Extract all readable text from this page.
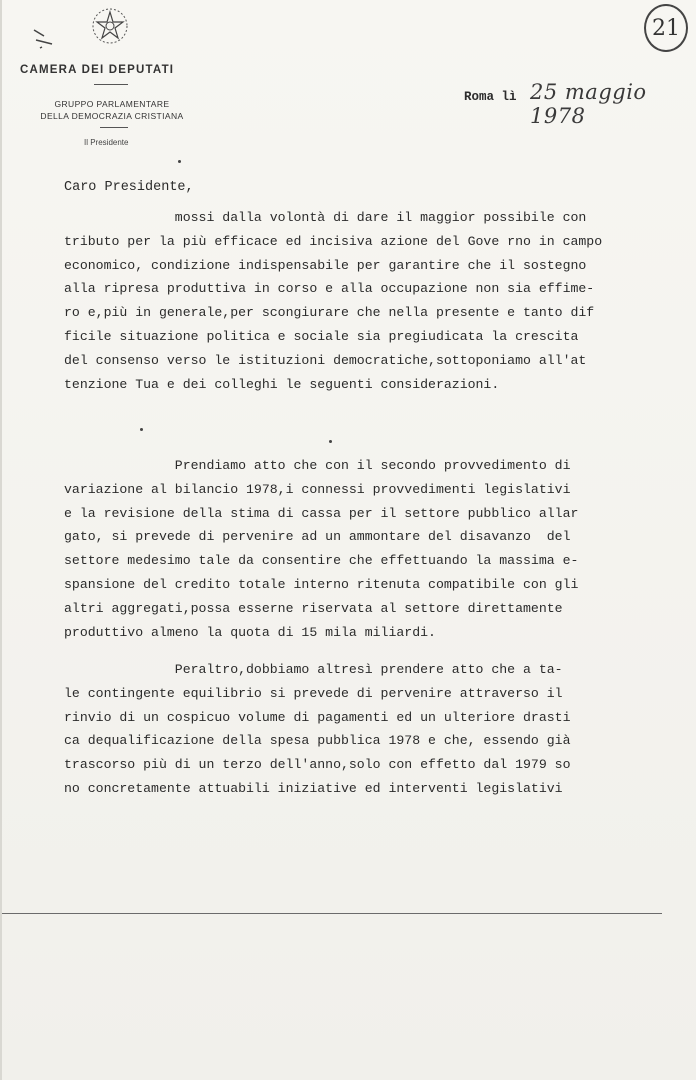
CAMERA DEI DEPUTATI
GRUPPO PARLAMENTARE
DELLA DEMOCRAZIA CRISTIANA
Il Presidente
Roma lì 25 maggio 1978
21
Caro Presidente,
mossi dalla volontà di dare il maggior possibile con
tributo per la più efficace ed incisiva azione del Gove rno in campo
economico, condizione indispensabile per garantire che il sostegno
alla ripresa produttiva in corso e alla occupazione non sia effime-
ro e,più in generale,per scongiurare che nella presente e tanto dif
ficile situazione politica e sociale sia pregiudicata la crescita
del consenso verso le istituzioni democratiche,sottoponiamo all'at
tenzione Tua e dei colleghi le seguenti considerazioni.
Prendiamo atto che con il secondo provvedimento di
variazione al bilancio 1978,i connessi provvedimenti legislativi
e la revisione della stima di cassa per il settore pubblico allar
gato, si prevede di pervenire ad un ammontare del disavanzo  del
settore medesimo tale da consentire che effettuando la massima e-
spansione del credito totale interno ritenuta compatibile con gli
altri aggregati,possa esserne riservata al settore direttamente
produttivo almeno la quota di 15 mila miliardi.
Peraltro,dobbiamo altresì prendere atto che a ta-
le contingente equilibrio si prevede di pervenire attraverso il
rinvio di un cospicuo volume di pagamenti ed un ulteriore drasti
ca dequalificazione della spesa pubblica 1978 e che, essendo già
trascorso più di un terzo dell'anno,solo con effetto dal 1979 so
no concretamente attuabili iniziative ed interventi legislativi
